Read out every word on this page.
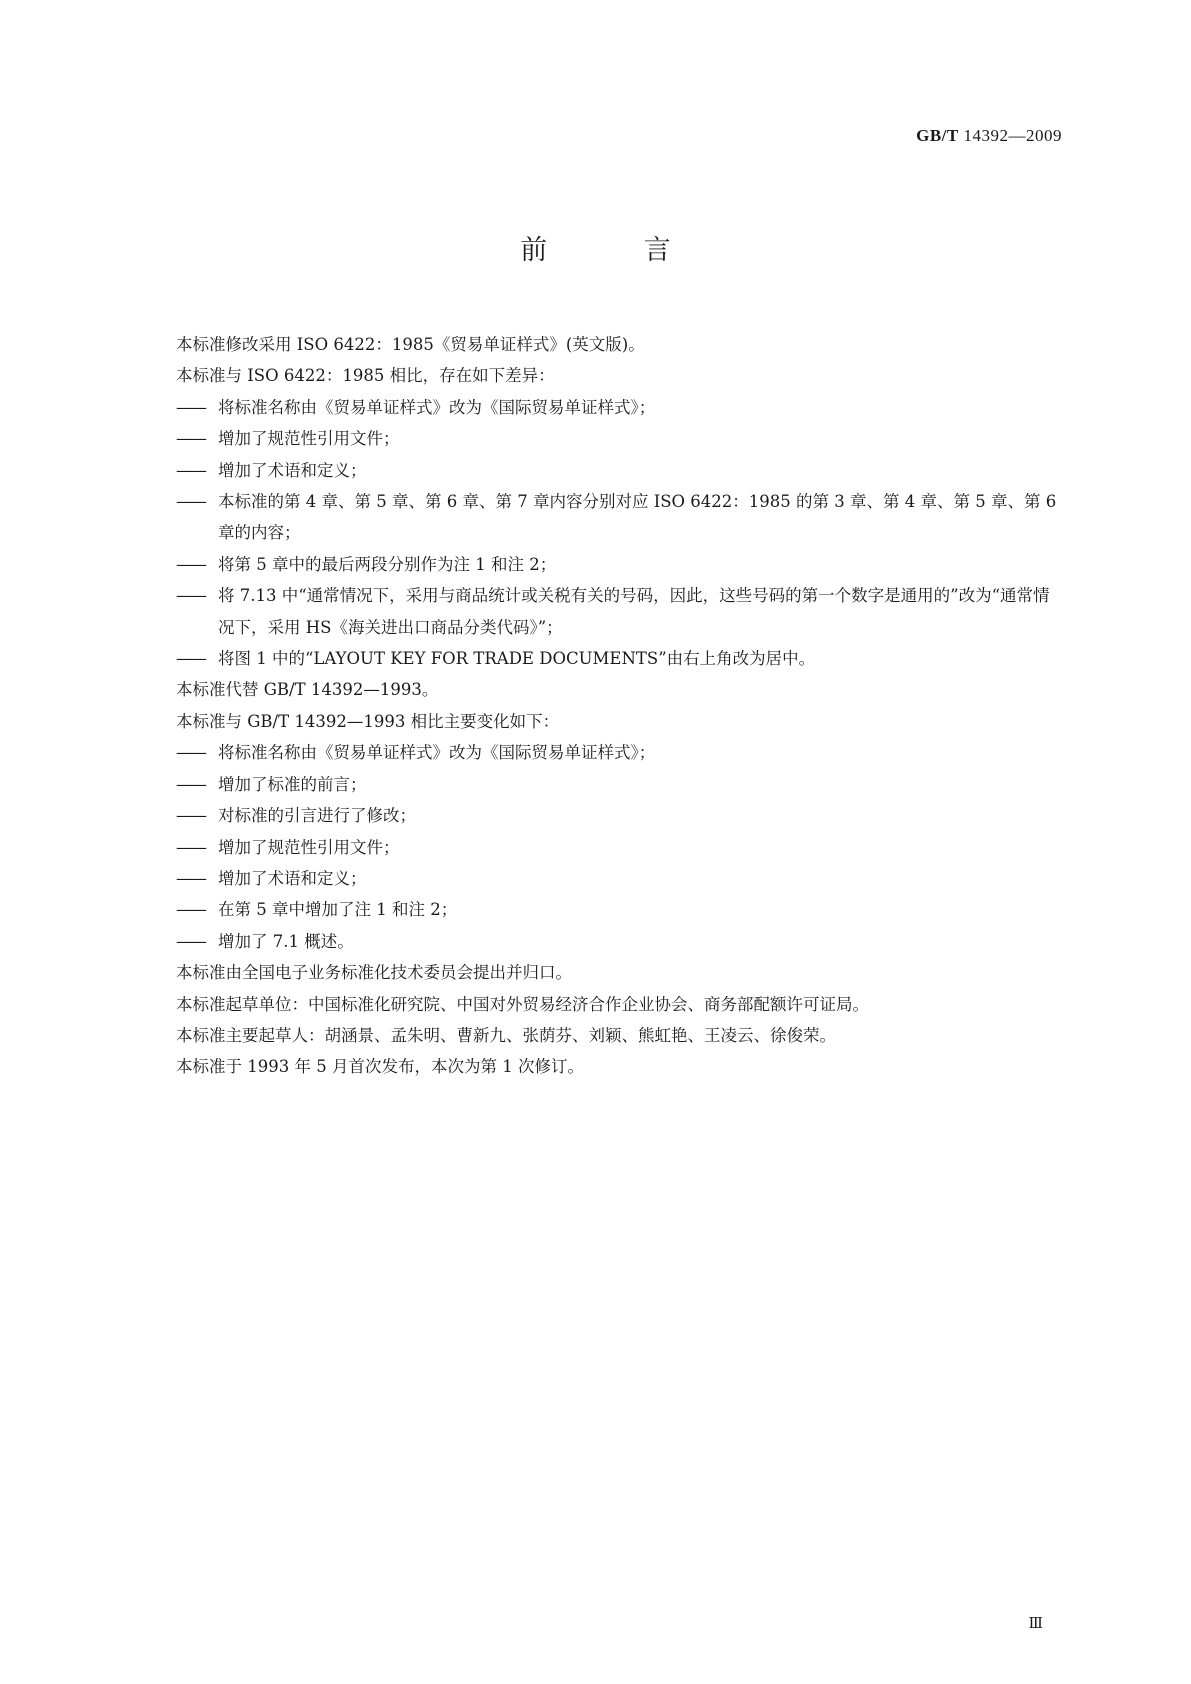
GB/T 14392—2009
前 言
本标准修改采用 ISO 6422：1985《贸易单证样式》(英文版)。
本标准与 ISO 6422：1985 相比，存在如下差异：
—— 将标准名称由《贸易单证样式》改为《国际贸易单证样式》；
—— 增加了规范性引用文件；
—— 增加了术语和定义；
—— 本标准的第 4 章、第 5 章、第 6 章、第 7 章内容分别对应 ISO 6422：1985 的第 3 章、第 4 章、第 5 章、第 6 章的内容；
—— 将第 5 章中的最后两段分别作为注 1 和注 2；
—— 将 7.13 中“通常情况下，采用与商品统计或关税有关的号码，因此，这些号码的第一个数字是通用的”改为“通常情况下，采用 HS《海关进出口商品分类代码》”；
—— 将图 1 中的“LAYOUT KEY FOR TRADE DOCUMENTS”由右上角改为居中。
本标准代替 GB/T 14392—1993。
本标准与 GB/T 14392—1993 相比主要变化如下：
—— 将标准名称由《贸易单证样式》改为《国际贸易单证样式》；
—— 增加了标准的前言；
—— 对标准的引言进行了修改；
—— 增加了规范性引用文件；
—— 增加了术语和定义；
—— 在第 5 章中增加了注 1 和注 2；
—— 增加了 7.1 概述。
本标准由全国电子业务标准化技术委员会提出并归口。
本标准起草单位：中国标准化研究院、中国对外贸易经济合作企业协会、商务部配额许可证局。
本标准主要起草人：胡涵景、孟朱明、曹新九、张荫芬、刘颖、熊虹艳、王凌云、徐俊荣。
本标准于 1993 年 5 月首次发布，本次为第 1 次修订。
Ⅲ
